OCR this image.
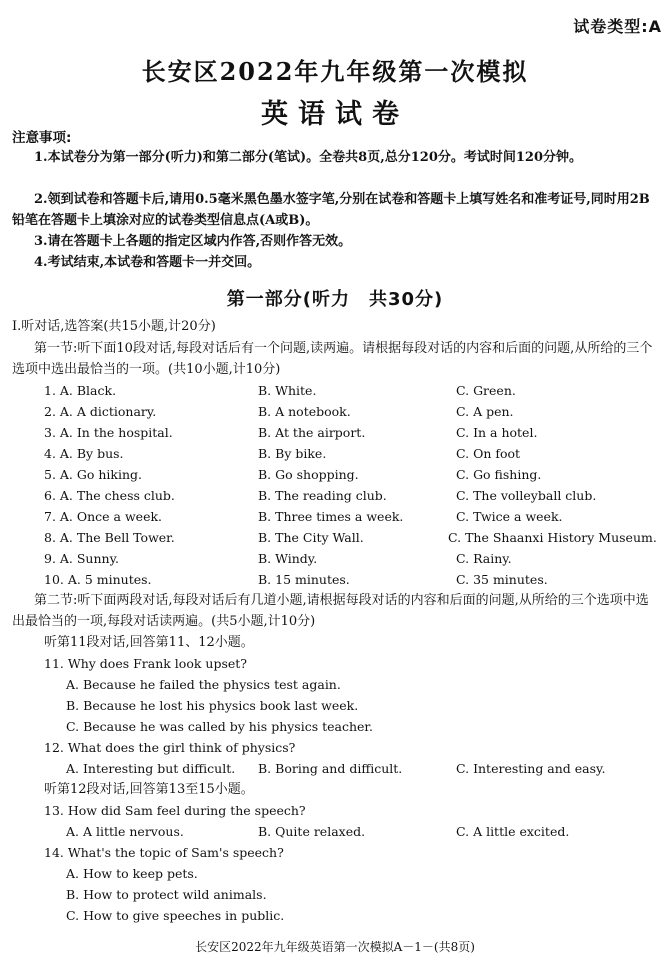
试卷类型:A
长安区2022年九年级第一次模拟
英语试卷
注意事项:
1.本试卷分为第一部分(听力)和第二部分(笔试)。全卷共8页,总分120分。考试时间120分钟。
2.领到试卷和答题卡后,请用0.5毫米黑色墨水签字笔,分别在试卷和答题卡上填写姓名和准考证号,同时用2B铅笔在答题卡上填涂对应的试卷类型信息点(A或B)。
3.请在答题卡上各题的指定区域内作答,否则作答无效。
4.考试结束,本试卷和答题卡一并交回。
第一部分(听力　共30分)
Ⅰ.听对话,选答案(共15小题,计20分)
第一节:听下面10段对话,每段对话后有一个问题,读两遍。请根据每段对话的内容和后面的问题,从所给的三个选项中选出最恰当的一项。(共10小题,计10分)
1. A. Black.	B. White.	C. Green.
2. A. A dictionary.	B. A notebook.	C. A pen.
3. A. In the hospital.	B. At the airport.	C. In a hotel.
4. A. By bus.	B. By bike.	C. On foot
5. A. Go hiking.	B. Go shopping.	C. Go fishing.
6. A. The chess club.	B. The reading club.	C. The volleyball club.
7. A. Once a week.	B. Three times a week.	C. Twice a week.
8. A. The Bell Tower.	B. The City Wall.	C. The Shaanxi History Museum.
9. A. Sunny.	B. Windy.	C. Rainy.
10. A. 5 minutes.	B. 15 minutes.	C. 35 minutes.
第二节:听下面两段对话,每段对话后有几道小题,请根据每段对话的内容和后面的问题,从所给的三个选项中选出最恰当的一项,每段对话读两遍。(共5小题,计10分)
听第11段对话,回答第11、12小题。
11. Why does Frank look upset?
A. Because he failed the physics test again.
B. Because he lost his physics book last week.
C. Because he was called by his physics teacher.
12. What does the girl think of physics?
A. Interesting but difficult. B. Boring and difficult.	C. Interesting and easy.
听第12段对话,回答第13至15小题。
13. How did Sam feel during the speech?
A. A little nervous.	B. Quite relaxed.	C. A little excited.
14. What's the topic of Sam's speech?
A. How to keep pets.
B. How to protect wild animals.
C. How to give speeches in public.
长安区2022年九年级英语第一次模拟A－1－(共8页)
